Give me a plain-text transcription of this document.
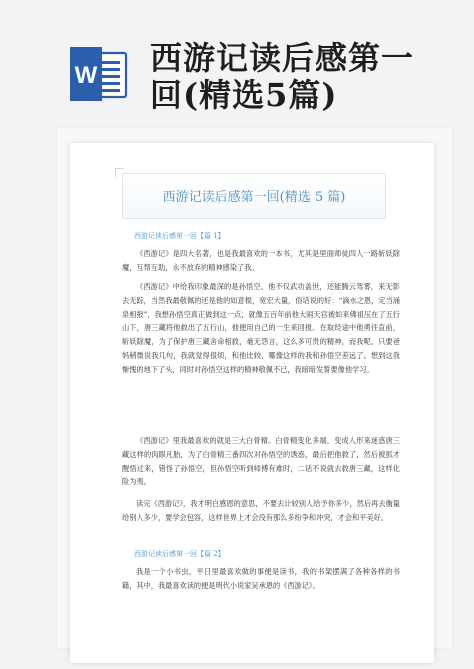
W 西游记读后感第一
回(精选5篇)
西游记读后感第一回(精选 5 篇)
西游记读后感第一回【篇 1】

《西游记》是四大名著，也是我最喜欢的一本书，尤其是里面师徒四人一路斩妖除魔，互帮互助，永不放弃的精神感染了我。

《西游记》中给我印象最深的是孙悟空。他不仅武功盖世，还能腾云驾雾，来无影去无踪，当然我最敬佩的还是他的如意棍，宽宏大量，俗话说的好：“滴水之恩，定当涌泉相报”，我想孙悟空真正做到这一点，就像五百年前他大闹天宫被如来佛祖压在了五行山下，唐三藏将他救出了五行山，他便用自己的一生来回报。在取经途中他勇往直前，斩妖除魔，为了保护唐三藏舍命相救，毫无怨言，这么多可贵的精神，而我呢，只要爸妈稍微说我几句，我就觉得很烦，和他比较，哪像这样的我和孙悟空差远了。想到这我惭愧的地下了头，同时对孙悟空这样的精神敬佩不已，我暗暗发誓要像他学习。

《西游记》里我最喜欢的就是三大白骨精。白骨精变化多端，变成人形来迷惑唐三藏这样的肉眼凡胎，为了白骨精三番四次对孙悟空的诱惑，最后把他救了，然后被抓才醒悟过来，错怪了孙悟空，但孙悟空听到师傅有难时，二话不说就去救唐三藏，这样化险为夷。

读完《西游记》，我才明白感恩的意思，不要去计较别人给予你多少，然后再去衡量给别人多少，要学会包容，这样世界上才会没有那么多纷争和冲突，才会和平美好。

西游记读后感第一回【篇 2】

我是一个小书虫，平日里最喜欢做的事便是读书，我的书架摆满了各种各样的书籍，其中，我最喜欢读的便是明代小说家吴承恩的《西游记》。
